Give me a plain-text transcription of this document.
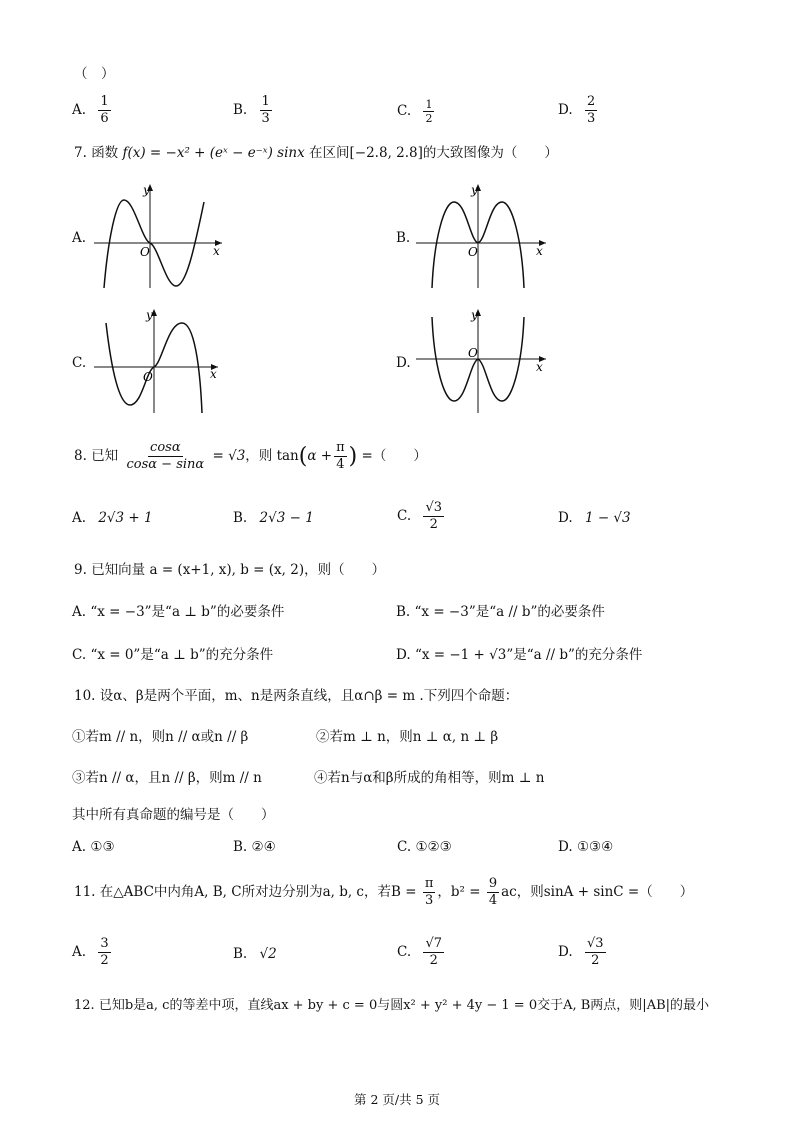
（　）
A. $\frac{1}{6}$	B. $\frac{1}{3}$	C. $\frac{1}{2}$	D. $\frac{2}{3}$
7. 函数 f(x) = −x² + (eˣ − e⁻ˣ) sinx 在区间[−2.8, 2.8]的大致图像为（　　）
A.	B.
C.	D.
y
x
O
y
x
O
y
x
O
y
x
O
8. 已知 $\frac{\cos\alpha}{\cos\alpha - \sin\alpha} = √3$，则 $\tan(\alpha + \frac{\pi}{4}$ ) =（　　）
A. 2√3 + 1	B. 2√3 − 1	C. $\frac{√3}{2}$	D. 1 − √3
9. 已知向量 a = (x+1, x), b = (x, 2)，则（　　）
A. “x = −3”是“a ⊥ b”的必要条件	B. “x = −3”是“a // b”的必要条件
C. “x = 0”是“a ⊥ b”的充分条件	D. “x = −1 + √3”是“a // b”的充分条件
10. 设α、β是两个平面，m、n是两条直线，且α∩β = m .下列四个命题：
①若m // n，则n // α或n // β	②若m ⊥ n，则n ⊥ α, n ⊥ β
③若n // α，且n // β，则m // n	④若n与α和β所成的角相等，则m ⊥ n
其中所有真命题的编号是（　　）
A. ①③	B. ②④	C. ①②③	D. ①③④
11. 在△ABC中内角A, B, C所对边分别为a, b, c，若$B = \frac{\pi}{3}$ ，$b^2 = \frac{9}{4}$ ac，则sinA + sinC =（　　）
A. $\frac{3}{2}$	B. √2	C. $\frac{√7}{2}$	D. $\frac{√3}{2}$
12. 已知b是a, c的等差中项，直线ax + by + c = 0与圆x² + y² + 4y − 1 = 0交于A, B两点，则|AB|的最小
第 2 页/共 5 页
